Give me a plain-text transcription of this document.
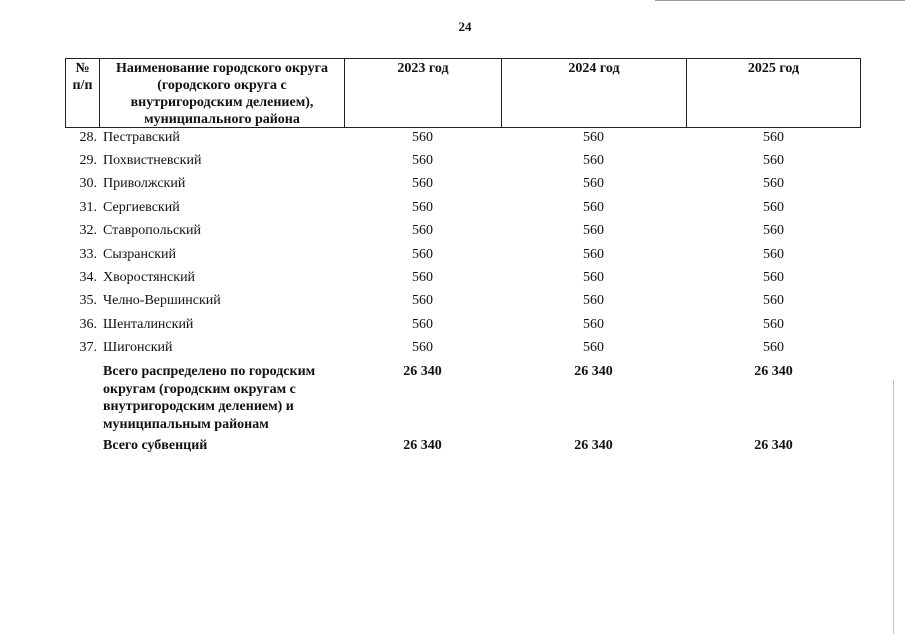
24
№
п/п
Наименование городского округа
(городского округа с
внутригородским делением),
муниципального района
2023 год	2024 год	2025 год
28. Пестравский	560	560	560
29. Похвистневский	560	560	560
30. Приволжский	560	560	560
31. Сергиевский	560	560	560
32. Ставропольский	560	560	560
33. Сызранский	560	560	560
34. Хворостянский	560	560	560
35. Челно-Вершинский	560	560	560
36. Шенталинский	560	560	560
37. Шигонский	560	560	560
Всего распределено по городским
округам (городским округам с
внутригородским делением) и
муниципальным районам
26 340	26 340	26 340
Всего субвенций	26 340	26 340	26 340
